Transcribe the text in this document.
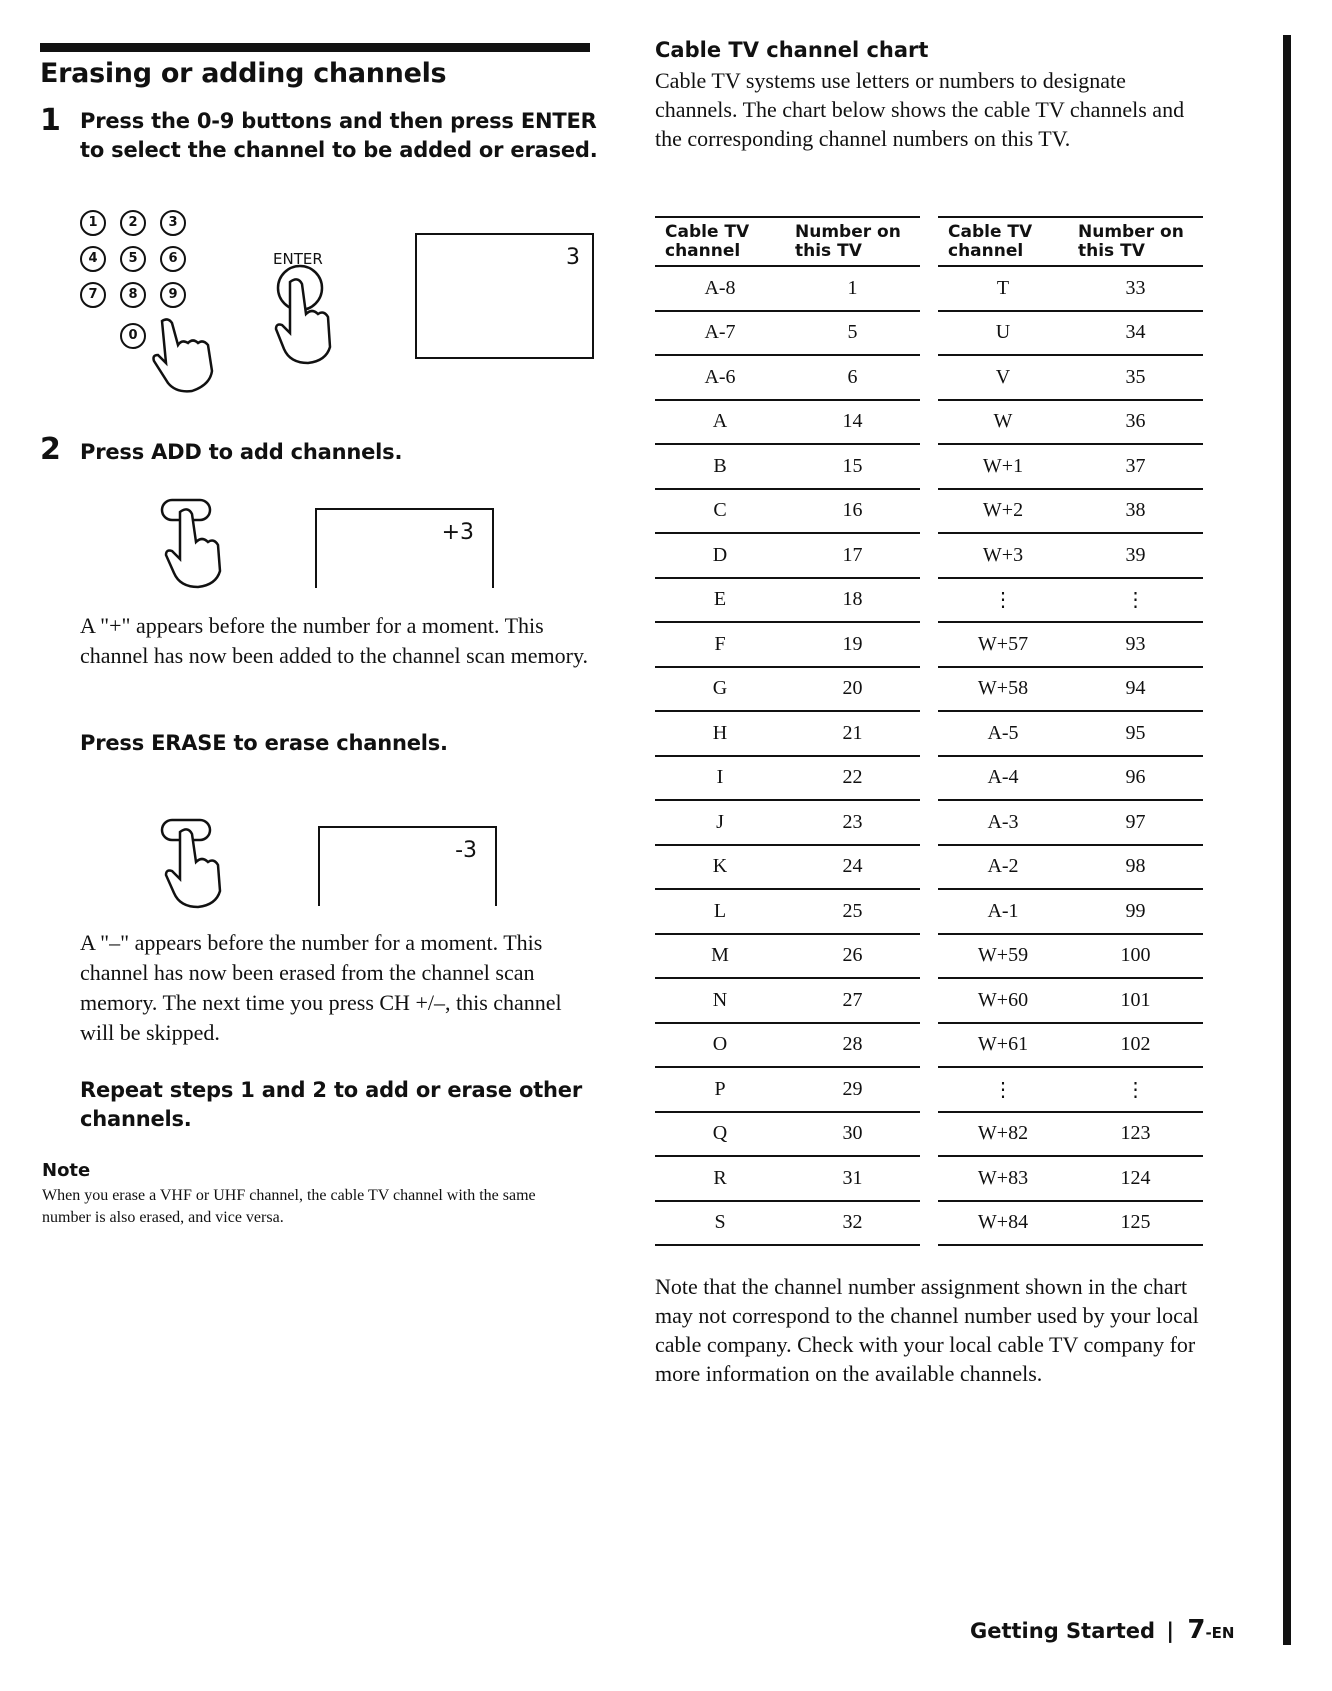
Erasing or adding channels
1 Press the 0-9 buttons and then press ENTER to select the channel to be added or erased.
1	2	3
4	5	6
7	8	9
0
ENTER	3
2 Press ADD to add channels.
+3
A "+" appears before the number for a moment. This channel has now been added to the channel scan memory.
Press ERASE to erase channels.
-3
A "–" appears before the number for a moment. This channel has now been erased from the channel scan memory. The next time you press CH +/–, this channel will be skipped.
Repeat steps 1 and 2 to add or erase other channels.
Note
When you erase a VHF or UHF channel, the cable TV channel with the same number is also erased, and vice versa.
Cable TV channel chart
Cable TV systems use letters or numbers to designate channels. The chart below shows the cable TV channels and the corresponding channel numbers on this TV.
Cable TV channel	Number on this TV
A-8	1
A-7	5
A-6	6
A	14
B	15
C	16
D	17
E	18
F	19
G	20
H	21
I	22
J	23
K	24
L	25
M	26
N	27
O	28
P	29
Q	30
R	31
S	32
Cable TV channel	Number on this TV
T	33
U	34
V	35
W	36
W+1	37
W+2	38
W+3	39
⋮	⋮
W+57	93
W+58	94
A-5	95
A-4	96
A-3	97
A-2	98
A-1	99
W+59	100
W+60	101
W+61	102
⋮	⋮
W+82	123
W+83	124
W+84	125
Note that the channel number assignment shown in the chart may not correspond to the channel number used by your local cable company. Check with your local cable TV company for more information on the available channels.
Getting Started | 7-EN
